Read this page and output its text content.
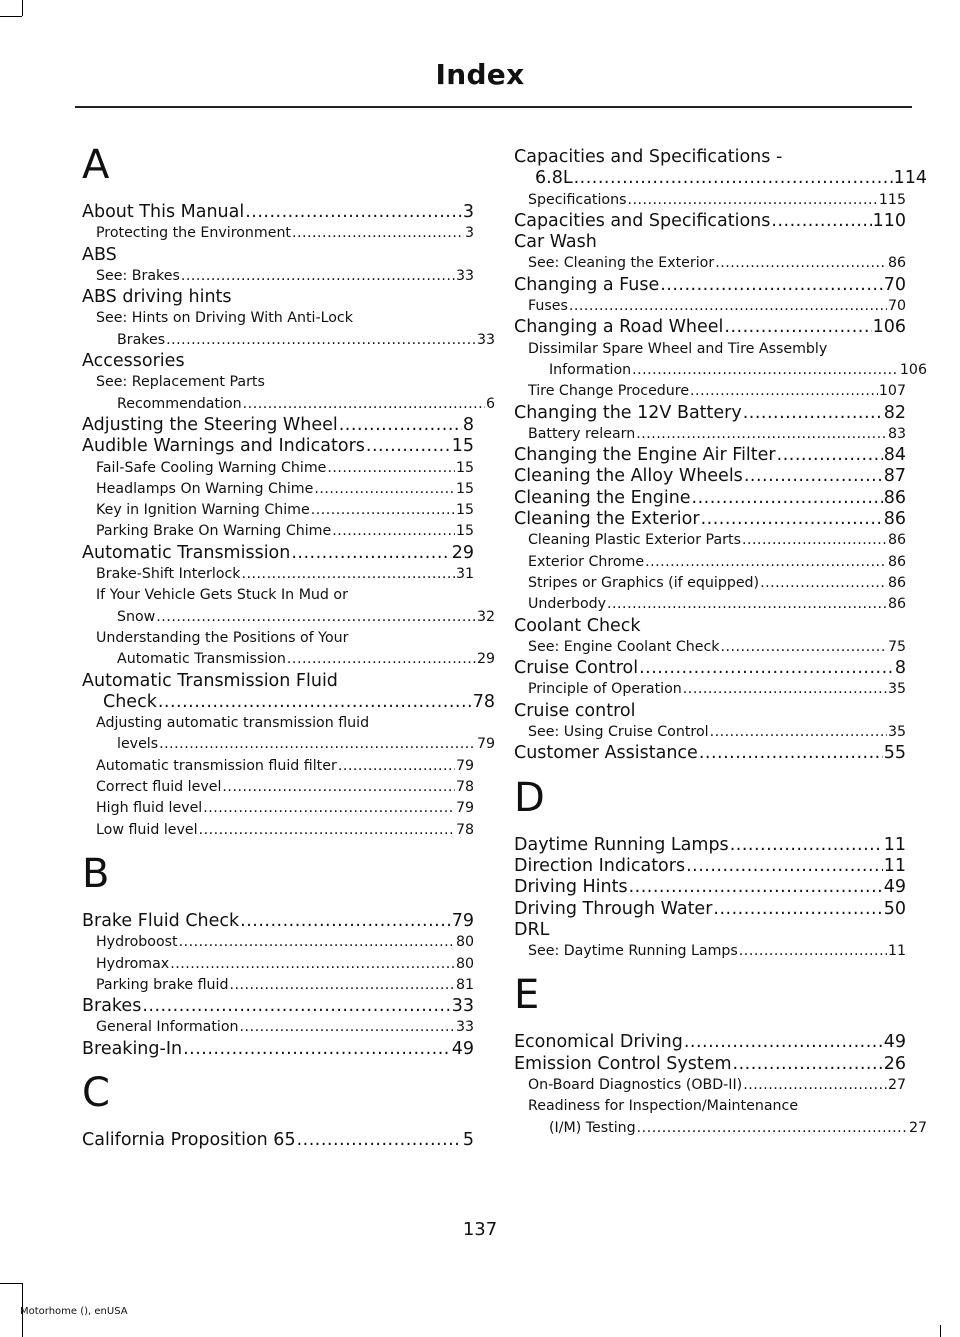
Index
A
About This Manual .....	3
Protecting the Environment .....	3
ABS
See: Brakes .....	33
ABS driving hints
See: Hints on Driving With Anti-Lock
Brakes .....	33
Accessories
See: Replacement Parts
Recommendation .....	6
Adjusting the Steering Wheel .....	8
Audible Warnings and Indicators .....	15
Fail-Safe Cooling Warning Chime .....	15
Headlamps On Warning Chime .....	15
Key in Ignition Warning Chime .....	15
Parking Brake On Warning Chime .....	15
Automatic Transmission .....	29
Brake-Shift Interlock .....	31
If Your Vehicle Gets Stuck In Mud or
Snow .....	32
Understanding the Positions of Your
Automatic Transmission .....	29
Automatic Transmission Fluid
Check .....	78
Adjusting automatic transmission fluid
levels .....	79
Automatic transmission fluid filter .....	79
Correct fluid level .....	78
High fluid level .....	79
Low fluid level .....	78
B
Brake Fluid Check .....	79
Hydroboost .....	80
Hydromax .....	80
Parking brake fluid .....	81
Brakes .....	33
General Information .....	33
Breaking-In .....	49
C
California Proposition 65 .....	5
Capacities and Specifications -
6.8L .....	114
Specifications .....	115
Capacities and Specifications .....	110
Car Wash
See: Cleaning the Exterior .....	86
Changing a Fuse .....	70
Fuses .....	70
Changing a Road Wheel .....	106
Dissimilar Spare Wheel and Tire Assembly
Information .....	106
Tire Change Procedure .....	107
Changing the 12V Battery .....	82
Battery relearn .....	83
Changing the Engine Air Filter .....	84
Cleaning the Alloy Wheels .....	87
Cleaning the Engine .....	86
Cleaning the Exterior .....	86
Cleaning Plastic Exterior Parts .....	86
Exterior Chrome .....	86
Stripes or Graphics (if equipped) .....	86
Underbody .....	86
Coolant Check
See: Engine Coolant Check .....	75
Cruise Control .....	8
Principle of Operation .....	35
Cruise control
See: Using Cruise Control .....	35
Customer Assistance .....	55
D
Daytime Running Lamps .....	11
Direction Indicators .....	11
Driving Hints .....	49
Driving Through Water .....	50
DRL
See: Daytime Running Lamps .....	11
E
Economical Driving .....	49
Emission Control System .....	26
On-Board Diagnostics (OBD-II) .....	27
Readiness for Inspection/Maintenance
(I/M) Testing .....	27
137
Motorhome (), enUSA
